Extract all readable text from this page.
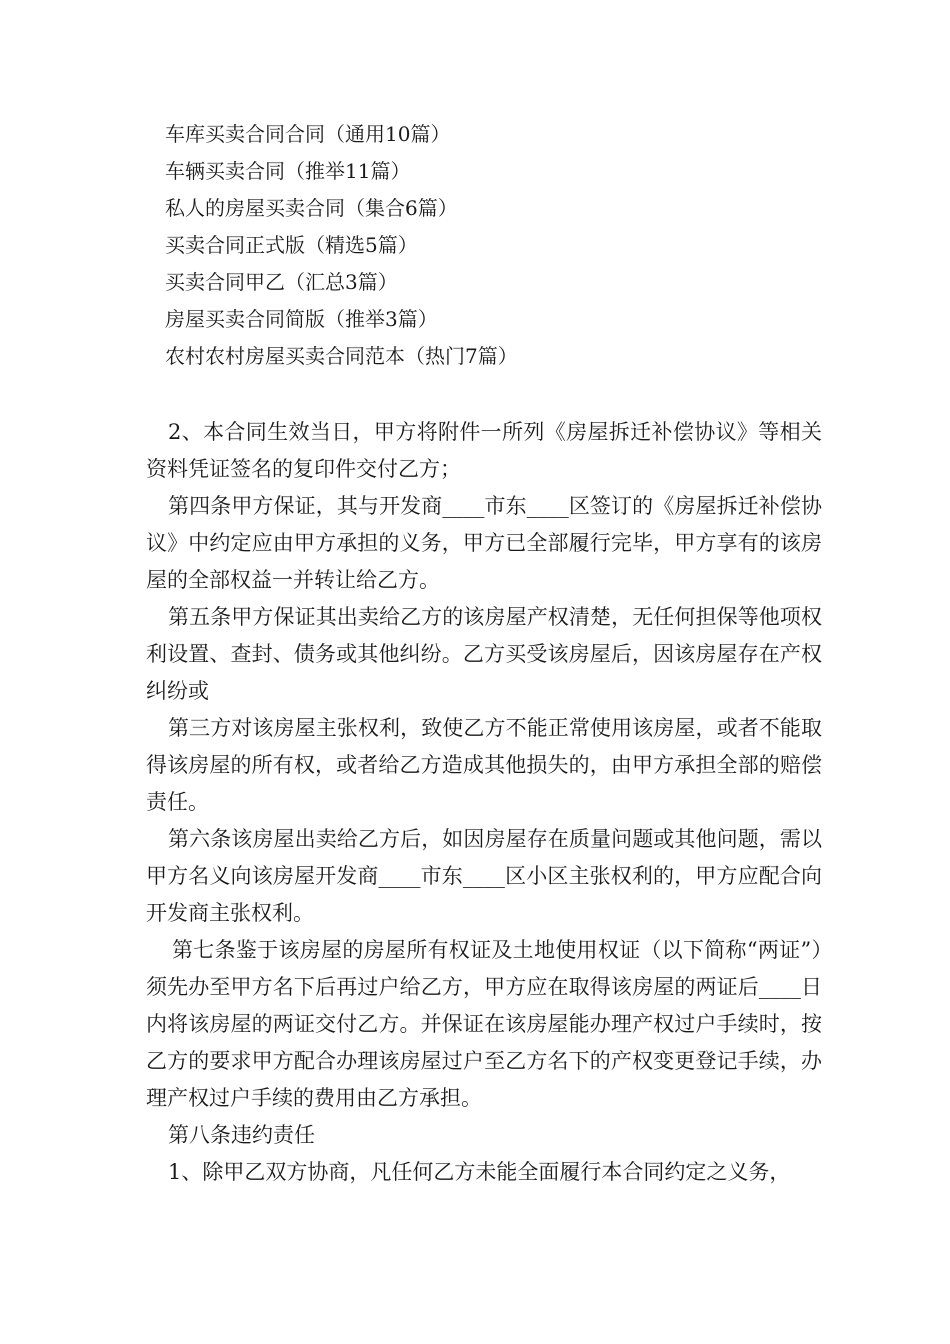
车库买卖合同合同（通用10篇）
车辆买卖合同（推举11篇）
私人的房屋买卖合同（集合6篇）
买卖合同正式版（精选5篇）
买卖合同甲乙（汇总3篇）
房屋买卖合同简版（推举3篇）
农村农村房屋买卖合同范本（热门7篇）

2、本合同生效当日，甲方将附件一所列《房屋拆迁补偿协议》等相关资料凭证签名的复印件交付乙方；

第四条甲方保证，其与开发商____市东____区签订的《房屋拆迁补偿协议》中约定应由甲方承担的义务，甲方已全部履行完毕，甲方享有的该房屋的全部权益一并转让给乙方。

第五条甲方保证其出卖给乙方的该房屋产权清楚，无任何担保等他项权利设置、查封、债务或其他纠纷。乙方买受该房屋后，因该房屋存在产权纠纷或

第三方对该房屋主张权利，致使乙方不能正常使用该房屋，或者不能取得该房屋的所有权，或者给乙方造成其他损失的，由甲方承担全部的赔偿责任。

第六条该房屋出卖给乙方后，如因房屋存在质量问题或其他问题，需以甲方名义向该房屋开发商____市东____区小区主张权利的，甲方应配合向开发商主张权利。

第七条鉴于该房屋的房屋所有权证及土地使用权证（以下简称“两证”）须先办至甲方名下后再过户给乙方，甲方应在取得该房屋的两证后____日内将该房屋的两证交付乙方。并保证在该房屋能办理产权过户手续时，按乙方的要求甲方配合办理该房屋过户至乙方名下的产权变更登记手续，办理产权过户手续的费用由乙方承担。

第八条违约责任

1、除甲乙双方协商，凡任何乙方未能全面履行本合同约定之义务，
